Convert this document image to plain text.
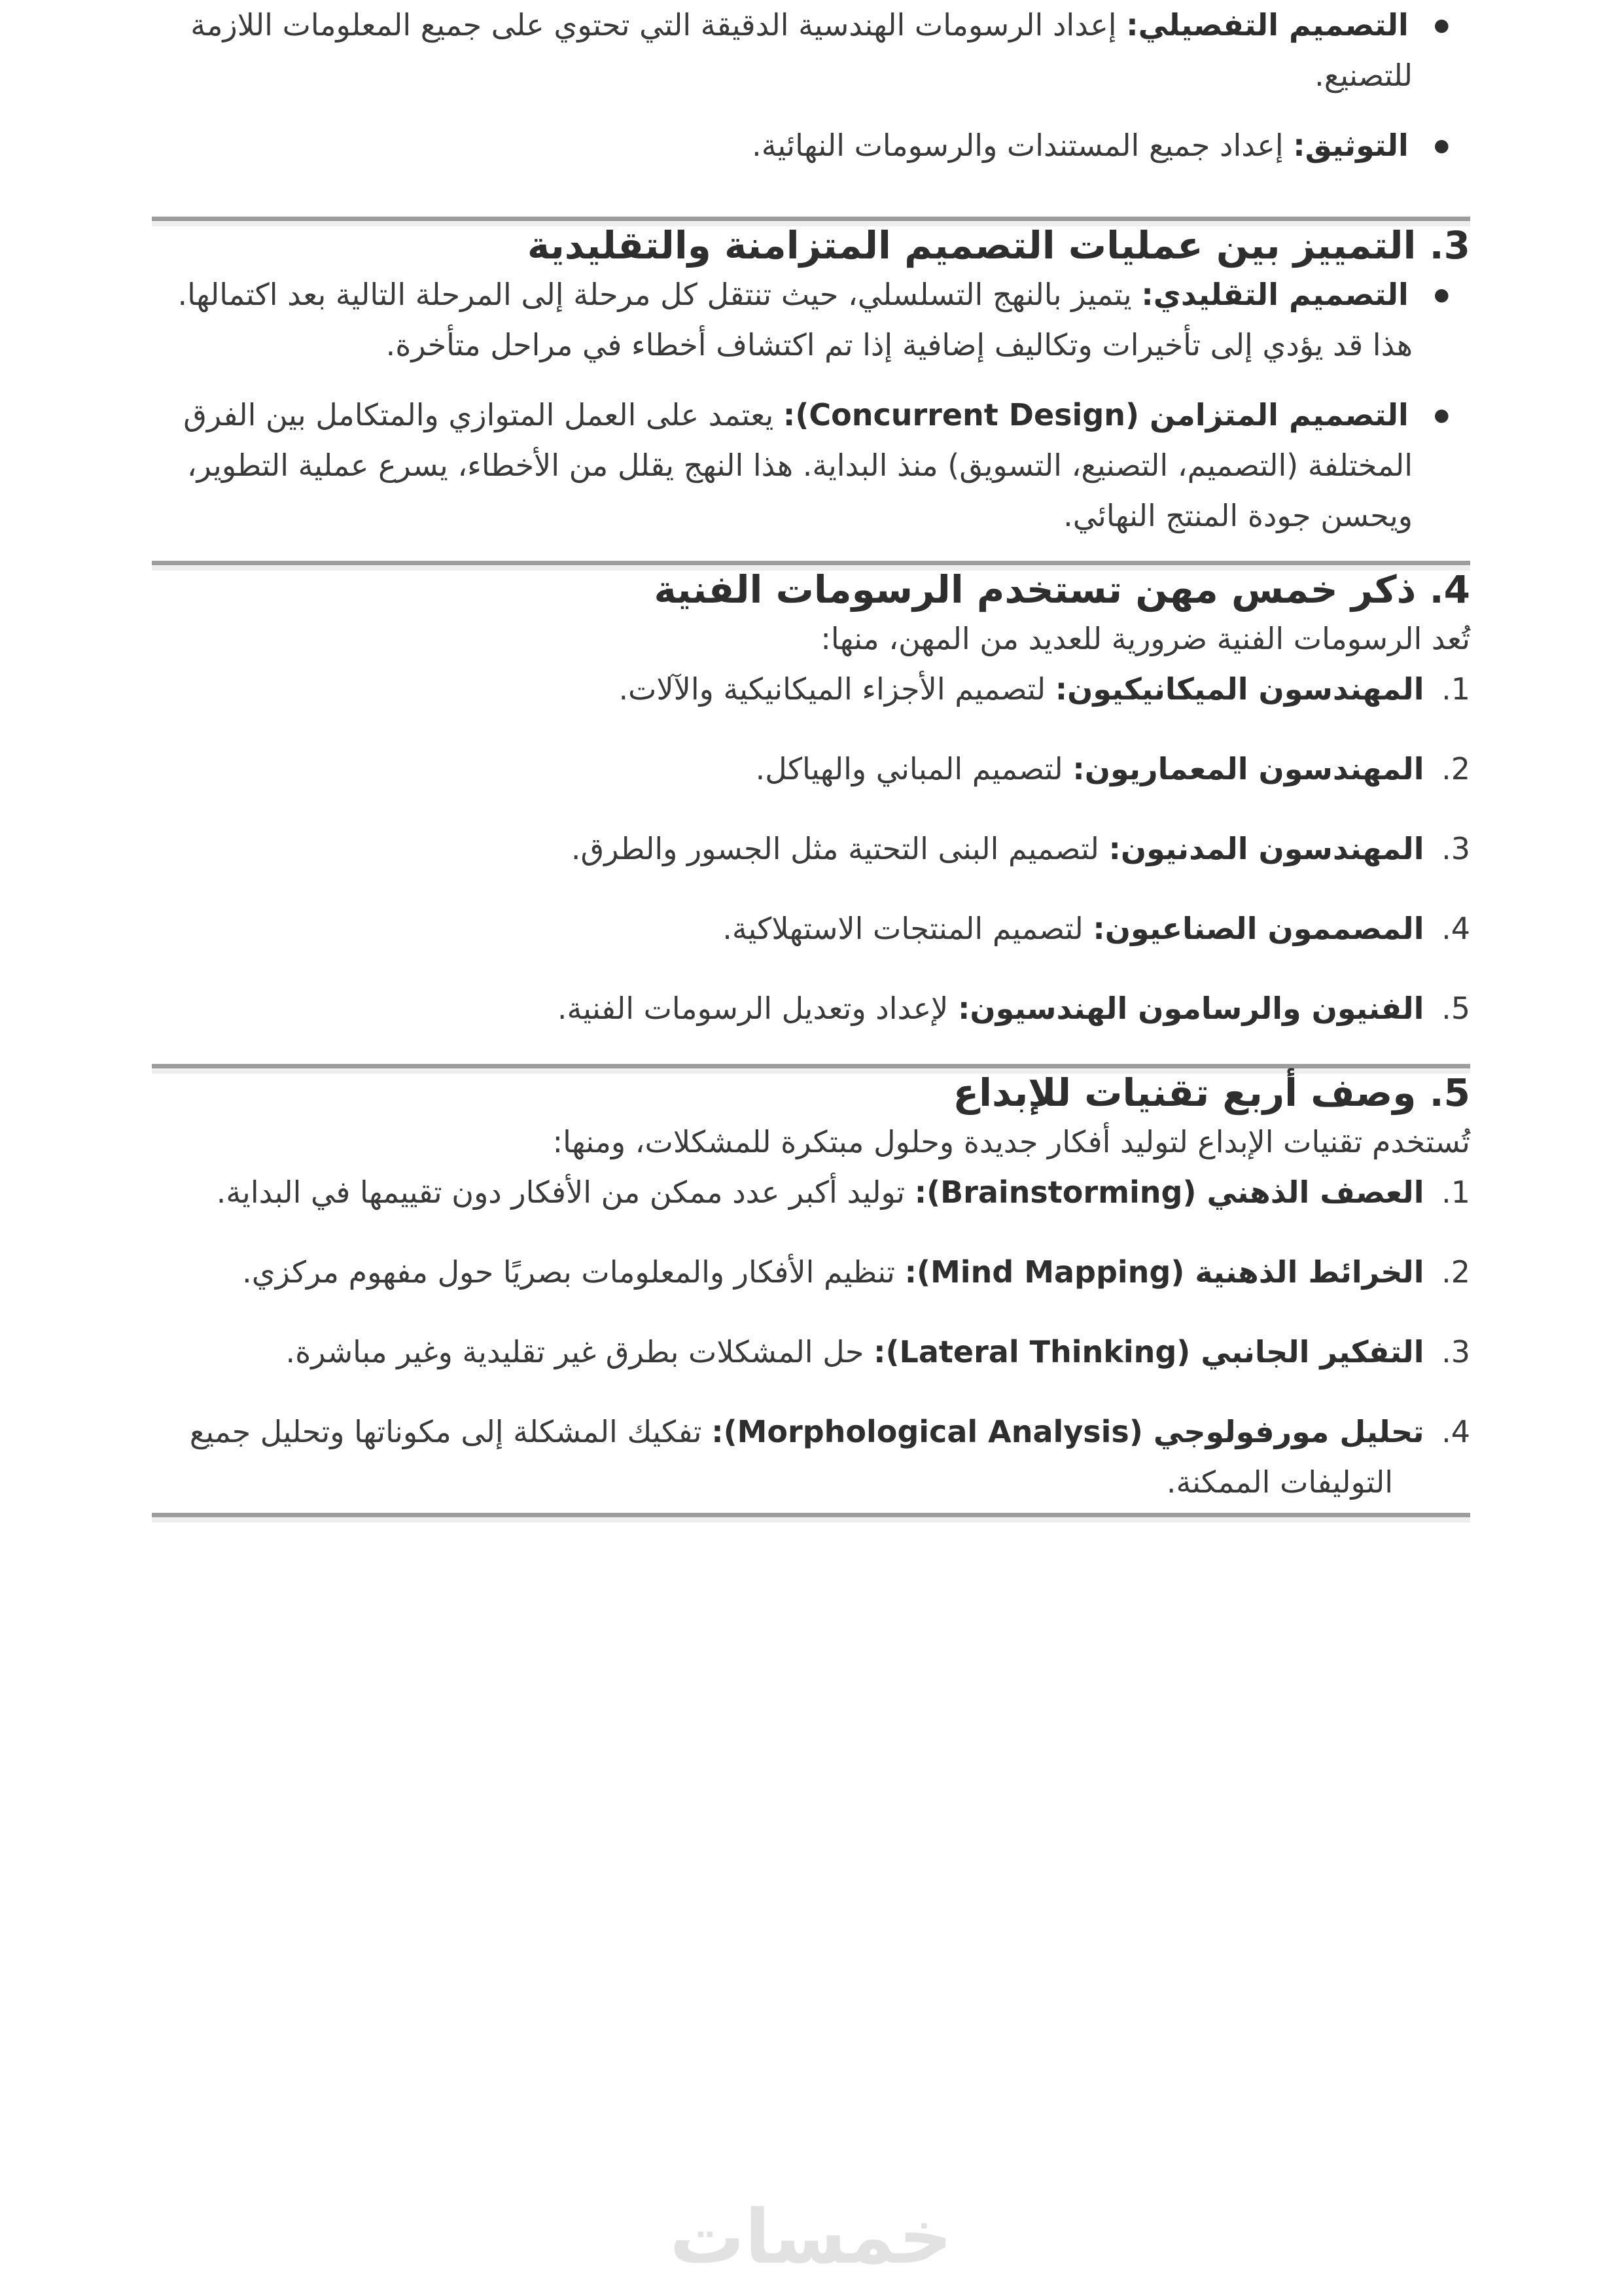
● التصميم التفصيلي: إعداد الرسومات الهندسية الدقيقة التي تحتوي على جميع المعلومات اللازمة للتصنيع.
● التوثيق: إعداد جميع المستندات والرسومات النهائية.
3. التمييز بين عمليات التصميم المتزامنة والتقليدية
● التصميم التقليدي: يتميز بالنهج التسلسلي، حيث تنتقل كل مرحلة إلى المرحلة التالية بعد اكتمالها. هذا قد يؤدي إلى تأخيرات وتكاليف إضافية إذا تم اكتشاف أخطاء في مراحل متأخرة.
● التصميم المتزامن (Concurrent Design): يعتمد على العمل المتوازي والمتكامل بين الفرق المختلفة (التصميم، التصنيع، التسويق) منذ البداية. هذا النهج يقلل من الأخطاء، يسرع عملية التطوير، ويحسن جودة المنتج النهائي.
4. ذكر خمس مهن تستخدم الرسومات الفنية

تُعد الرسومات الفنية ضرورية للعديد من المهن، منها:

1. المهندسون الميكانيكيون: لتصميم الأجزاء الميكانيكية والآلات.
2. المهندسون المعماريون: لتصميم المباني والهياكل.
3. المهندسون المدنيون: لتصميم البنى التحتية مثل الجسور والطرق.
4. المصممون الصناعيون: لتصميم المنتجات الاستهلاكية.
5. الفنيون والرسامون الهندسيون: لإعداد وتعديل الرسومات الفنية.
5. وصف أربع تقنيات للإبداع

تُستخدم تقنيات الإبداع لتوليد أفكار جديدة وحلول مبتكرة للمشكلات، ومنها:

1. العصف الذهني (Brainstorming): توليد أكبر عدد ممكن من الأفكار دون تقييمها في البداية.
2. الخرائط الذهنية (Mind Mapping): تنظيم الأفكار والمعلومات بصريًا حول مفهوم مركزي.
3. التفكير الجانبي (Lateral Thinking): حل المشكلات بطرق غير تقليدية وغير مباشرة.
4. تحليل مورفولوجي (Morphological Analysis): تفكيك المشكلة إلى مكوناتها وتحليل جميع التوليفات الممكنة.
خمسات
